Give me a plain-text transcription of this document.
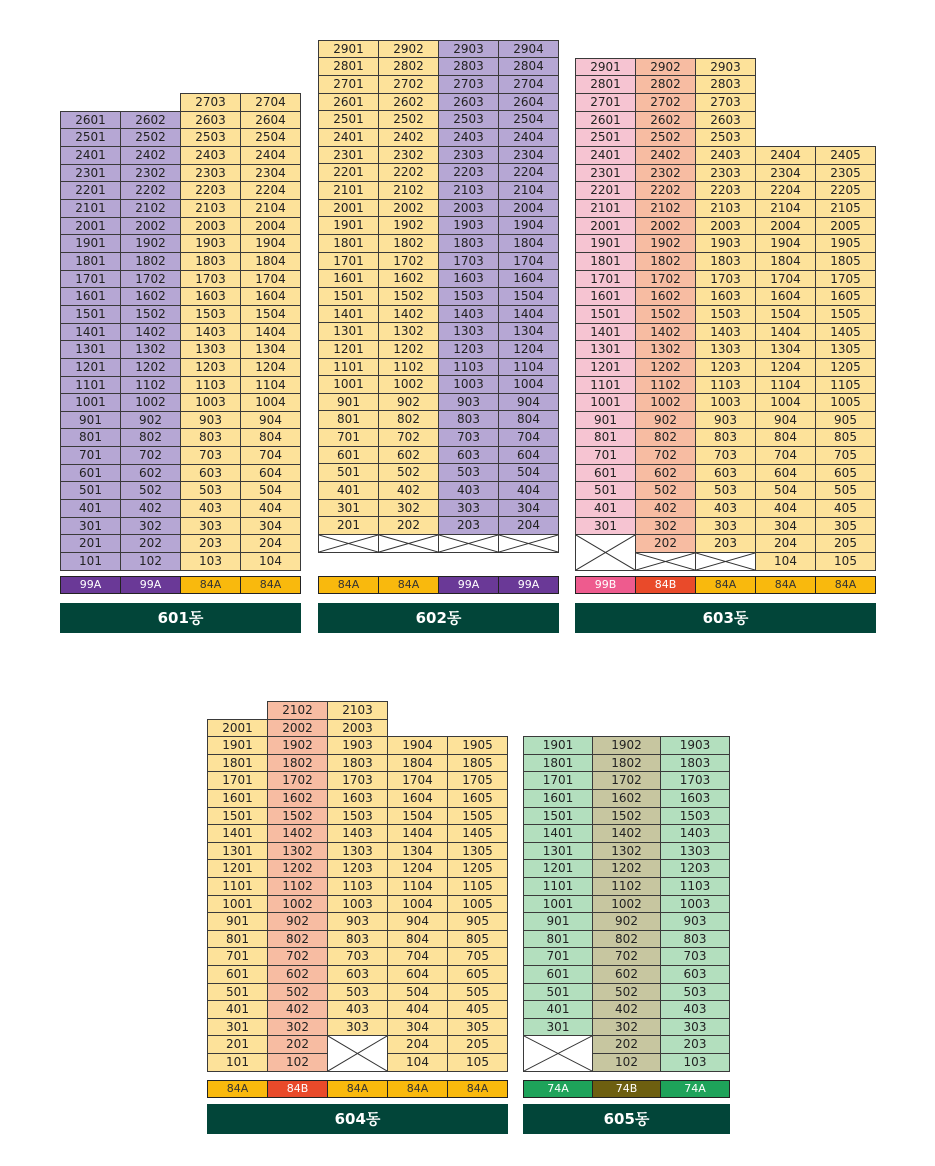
101
201
301
401
501
601
701
801
901
1001
1101
1201
1301
1401
1501
1601
1701
1801
1901
2001
2101
2201
2301
2401
2501
2601
99A
102
202
302
402
502
602
702
802
902
1002
1102
1202
1302
1402
1502
1602
1702
1802
1902
2002
2102
2202
2302
2402
2502
2602
99A
103
203
303
403
503
603
703
803
903
1003
1103
1203
1303
1403
1503
1603
1703
1803
1903
2003
2103
2203
2303
2403
2503
2603
2703
84A
104
204
304
404
504
604
704
804
904
1004
1104
1204
1304
1404
1504
1604
1704
1804
1904
2004
2104
2204
2304
2404
2504
2604
2704
84A
601동
201
301
401
501
601
701
801
901
1001
1101
1201
1301
1401
1501
1601
1701
1801
1901
2001
2101
2201
2301
2401
2501
2601
2701
2801
2901
84A
202
302
402
502
602
702
802
902
1002
1102
1202
1302
1402
1502
1602
1702
1802
1902
2002
2102
2202
2302
2402
2502
2602
2702
2802
2902
84A
203
303
403
503
603
703
803
903
1003
1103
1203
1303
1403
1503
1603
1703
1803
1903
2003
2103
2203
2303
2403
2503
2603
2703
2803
2903
99A
204
304
404
504
604
704
804
904
1004
1104
1204
1304
1404
1504
1604
1704
1804
1904
2004
2104
2204
2304
2404
2504
2604
2704
2804
2904
99A
602동
301
401
501
601
701
801
901
1001
1101
1201
1301
1401
1501
1601
1701
1801
1901
2001
2101
2201
2301
2401
2501
2601
2701
2801
2901
99B
202
302
402
502
602
702
802
902
1002
1102
1202
1302
1402
1502
1602
1702
1802
1902
2002
2102
2202
2302
2402
2502
2602
2702
2802
2902
84B
203
303
403
503
603
703
803
903
1003
1103
1203
1303
1403
1503
1603
1703
1803
1903
2003
2103
2203
2303
2403
2503
2603
2703
2803
2903
84A
104
204
304
404
504
604
704
804
904
1004
1104
1204
1304
1404
1504
1604
1704
1804
1904
2004
2104
2204
2304
2404
84A
105
205
305
405
505
605
705
805
905
1005
1105
1205
1305
1405
1505
1605
1705
1805
1905
2005
2105
2205
2305
2405
84A
603동
101
201
301
401
501
601
701
801
901
1001
1101
1201
1301
1401
1501
1601
1701
1801
1901
2001
84A
102
202
302
402
502
602
702
802
902
1002
1102
1202
1302
1402
1502
1602
1702
1802
1902
2002
2102
84B
303
403
503
603
703
803
903
1003
1103
1203
1303
1403
1503
1603
1703
1803
1903
2003
2103
84A
104
204
304
404
504
604
704
804
904
1004
1104
1204
1304
1404
1504
1604
1704
1804
1904
84A
105
205
305
405
505
605
705
805
905
1005
1105
1205
1305
1405
1505
1605
1705
1805
1905
84A
604동
301
401
501
601
701
801
901
1001
1101
1201
1301
1401
1501
1601
1701
1801
1901
74A
102
202
302
402
502
602
702
802
902
1002
1102
1202
1302
1402
1502
1602
1702
1802
1902
74B
103
203
303
403
503
603
703
803
903
1003
1103
1203
1303
1403
1503
1603
1703
1803
1903
74A
605동
